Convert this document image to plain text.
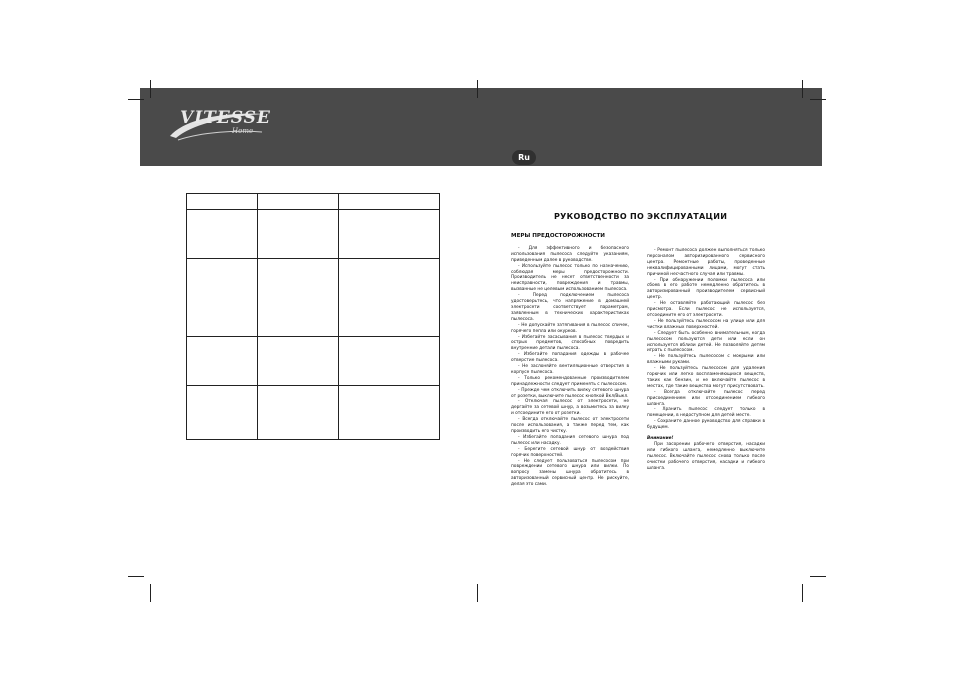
VITESSE
Home
Ru
РУКОВОДСТВО ПО ЭКСПЛУАТАЦИИ
МЕРЫ ПРЕДОСТОРОЖНОСТИ

- Для эффективного и безопасного использования пылесоса следуйте указаниям, приведенным далее в руководстве.

- Используйте пылесос только по назначению, соблюдая меры предосторожности. Производитель не несет ответственности за неисправности, повреждения и травмы, вызванные не целевым использованием пылесоса.

- Перед подключением пылесоса удостоверьтесь, что напряжение в домашней электросети соответствует параметрам, заявленным в технических характеристиках пылесоса.

- Не допускайте затягивания в пылесос спичек, горячего пепла или окурков.

- Избегайте засасывания в пылесос твердых и острых предметов, способных повредить внутренние детали пылесоса.

- Избегайте попадания одежды в рабочее отверстие пылесоса.

- Не заслоняйте вентиляционные отверстия в корпусе пылесоса.

- Только рекомендованные производителем принадлежности следует применять с пылесосом.

- Прежде чем отключить вилку сетевого шнура от розетки, выключите пылесос кнопкой Вкл/Выкл.

- Отключая пылесос от электросети, не дергайте за сетевой шнур, а возьмитесь за вилку и отсоедините его от розетки.

- Всегда отключайте пылесос от электросети после использования, а также перед тем, как производить его чистку.

- Избегайте попадания сетевого шнура под пылесос или насадку.

- Берегите сетевой шнур от воздействия горячих поверхностей.

- Не следует пользоваться пылесосом при повреждении сетевого шнура или вилки. По вопросу замены шнура обратитесь в авторизованный сервисный центр. Не рискуйте, делая это сами.

- Ремонт пылесоса должен выполняться только персоналом авторизированного сервисного центра. Ремонтные работы, проведенные неквалифицированными лицами, могут стать причиной несчастного случая или травмы.

- При обнаружении поломки пылесоса или сбоев в его работе немедленно обратитесь в авторизированный производителем сервисный центр.

- Не оставляйте работающий пылесос без присмотра. Если пылесос не используется, отсоедините его от электросети.

- Не пользуйтесь пылесосом на улице или для чистки влажных поверхностей.

- Следует быть особенно внимательным, когда пылесосом пользуются дети или если он используется вблизи детей. Не позволяйте детям играть с пылесосом.

- Не пользуйтесь пылесосом с мокрыми или влажными руками.

- Не пользуйтесь пылесосом для удаления горючих или легко воспламеняющихся веществ, таких как бензин, и не включайте пылесос в местах, где такие вещества могут присутствовать.

- Всегда отключайте пылесос перед присоединением или отсоединением гибкого шланга.

- Хранить пылесос следует только в помещении, в недоступном для детей месте.

- Сохраните данное руководство для справки в будущем.

Внимание!

При засорении рабочего отверстия, насадки или гибкого шланга, немедленно выключите пылесос. Включайте пылесос снова только после очистки рабочего отверстия, насадки и гибкого шланга.
